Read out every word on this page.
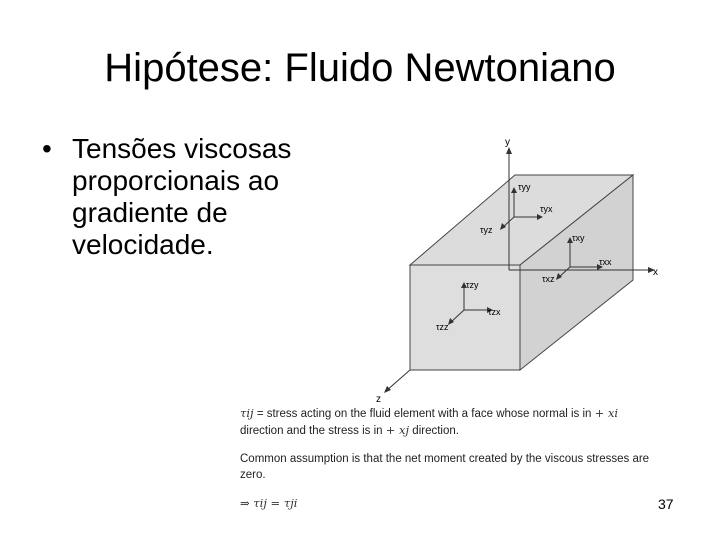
Hipótese: Fluido Newtoniano
• Tensões viscosas proporcionais ao gradiente de velocidade.
y
x
z
τyy
τyx
τyz
τxy
τxx
τxz
τzy
τzx
τzz
τij = stress acting on the fluid element with a face whose normal is in + xi
direction and the stress is in + xj direction.
Common assumption is that the net moment created by the viscous stresses are
zero.
⇒ τij = τji	37
